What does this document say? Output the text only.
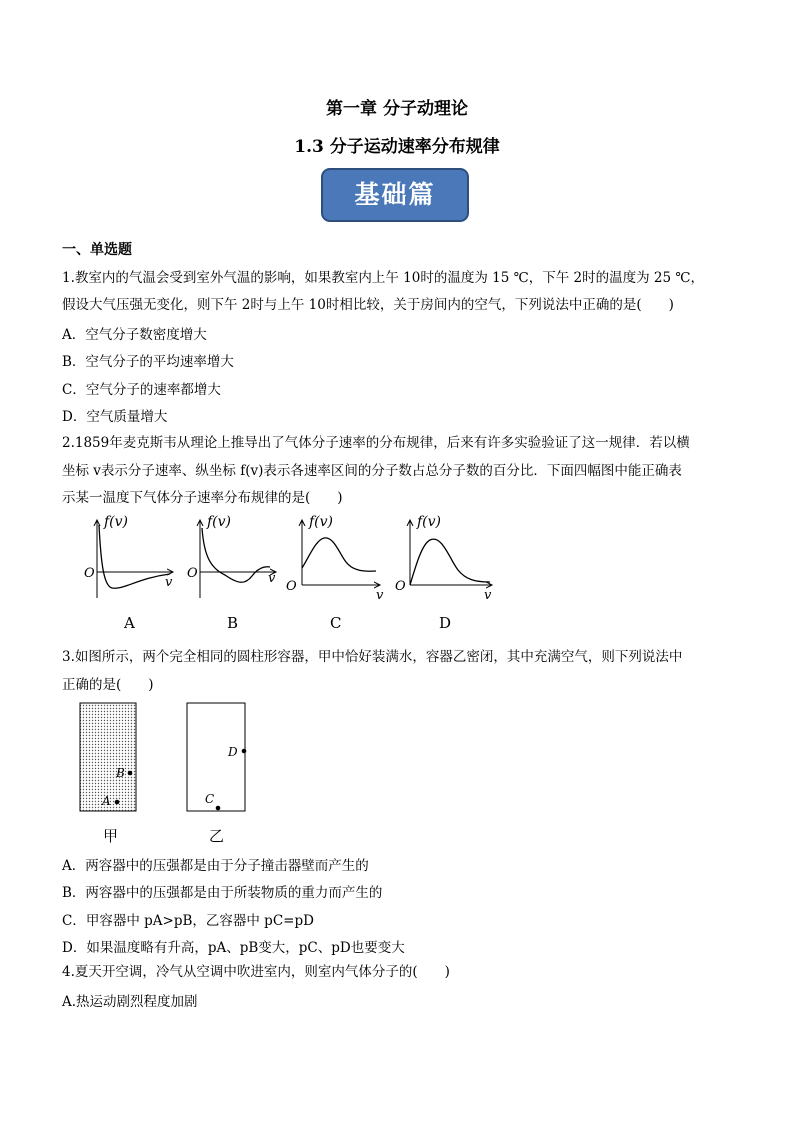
第一章 分子动理论
1.3 分子运动速率分布规律
基础篇
一、单选题
1.教室内的气温会受到室外气温的影响，如果教室内上午 10时的温度为 15 ℃，下午 2时的温度为 25 ℃，
假设大气压强无变化，则下午 2时与上午 10时相比较，关于房间内的空气，下列说法中正确的是(　　)
A．空气分子数密度增大
B．空气分子的平均速率增大
C．空气分子的速率都增大
D．空气质量增大
2.1859年麦克斯韦从理论上推导出了气体分子速率的分布规律，后来有许多实验验证了这一规律．若以横
坐标 v表示分子速率、纵坐标 f(v)表示各速率区间的分子数占总分子数的百分比．下面四幅图中能正确表
示某一温度下气体分子速率分布规律的是(　　)
f(v)
O
v
A
f(v)
O	v
B
f(v)
O
v
C
f(v)
O
v
D
3.如图所示，两个完全相同的圆柱形容器，甲中恰好装满水，容器乙密闭，其中充满空气，则下列说法中
正确的是(　　)
B
A
甲
D
C
乙
A．两容器中的压强都是由于分子撞击器壁而产生的
B．两容器中的压强都是由于所装物质的重力而产生的
C．甲容器中 pA>pB，乙容器中 pC=pD
D．如果温度略有升高，pA、pB变大，pC、pD也要变大
4.夏天开空调，冷气从空调中吹进室内，则室内气体分子的(　　)
A.热运动剧烈程度加剧
